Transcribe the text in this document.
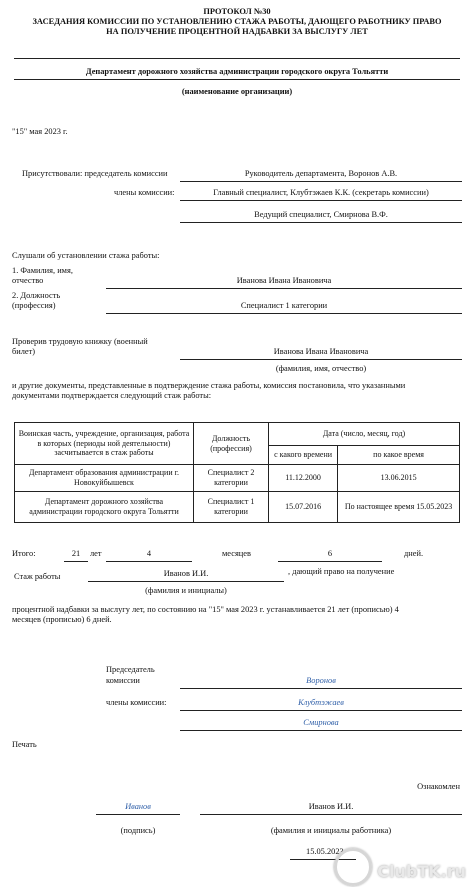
ПРОТОКОЛ №30
ЗАСЕДАНИЯ КОМИССИИ ПО УСТАНОВЛЕНИЮ СТАЖА РАБОТЫ, ДАЮЩЕГО РАБОТНИКУ ПРАВО
НА ПОЛУЧЕНИЕ ПРОЦЕНТНОЙ НАДБАВКИ ЗА ВЫСЛУГУ ЛЕТ
Департамент дорожного хозяйства администрации городского округа Тольятти
(наименование организации)
"15" мая 2023 г.
Присутствовали: председатель комиссии	Руководитель департамента, Воронов А.В.
члены комиссии:	Главный специалист, Клубтэжаев К.К. (секретарь комиссии)
Ведущий специалист, Смирнова В.Ф.
Слушали об установлении стажа работы:
1. Фамилия, имя,
отчество	Иванова Ивана Ивановича
2. Должность
(профессия)	Специалист 1 категории
Проверив трудовую книжку (военный
билет)	Иванова Ивана Ивановича
(фамилия, имя, отчество)
и другие документы, представленные в подтверждение стажа работы, комиссия постановила, что указанными
документами подтверждается следующий стаж работы:
Воинская часть, учреждение, организация, работа в которых (периоды ной деятельности) засчитывается в стаж работы	Должность (профессия)	Дата (число, месяц, год)	
		с какого времени	по какое время
Департамент образования администрации г. Новокуйбышевск	Специалист 2 категории	11.12.2000	13.06.2015
Департамент дорожного хозяйства администрации городского округа Тольятти	Специалист 1 категории	15.07.2016	По настоящее время 15.05.2023
Итого:	21	лет	4	месяцев	6	дней.
Стаж работы	Иванов И.И.
(фамилия и инициалы)
, дающий право на получение
процентной надбавки за выслугу лет, по состоянию на "15" мая 2023 г. устанавливается 21 лет (прописью) 4
месяцев (прописью) 6 дней.
Председатель
комиссии	Воронов
члены комиссии:	Клубтэжаев
Смирнова
Печать
Ознакомлен
Иванов
(подпись)
Иванов И.И.
(фамилия и инициалы работника)
15.05.2023
ClubTK.ru
